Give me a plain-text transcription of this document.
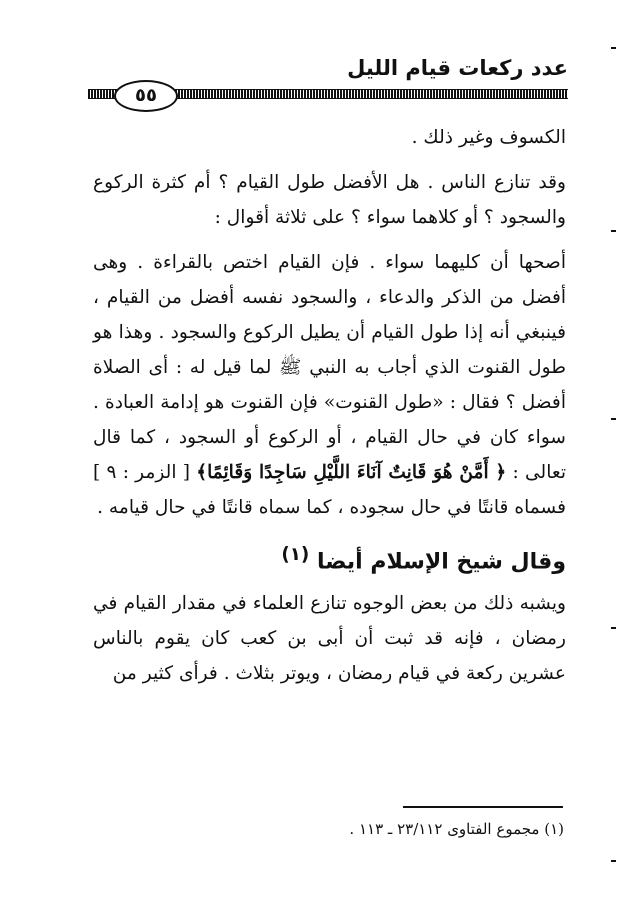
عدد ركعات قيام الليل
٥٥

الكسوف وغير ذلك .

وقد تنازع الناس . هل الأفضل طول القيام ؟ أم كثرة الركوع والسجود ؟ أو كلاهما سواء ؟ على ثلاثة أقوال :

أصحها أن كليهما سواء . فإن القيام اختص بالقراءة . وهى أفضل من الذكر والدعاء ، والسجود نفسه أفضل من القيام ، فينبغي أنه إذا طول القيام أن يطيل الركوع والسجود . وهذا هو طول القنوت الذي أجاب به النبي ﷺ لما قيل له : أى الصلاة أفضل ؟ فقال : «طول القنوت» فإن القنوت هو إدامة العبادة . سواء كان في حال القيام ، أو الركوع أو السجود ، كما قال تعالى : ﴿ أَمَّنْ هُوَ قَانِتٌ آنَاءَ اللَّيْلِ سَاجِدًا وَقَائِمًا﴾ [ الزمر : ٩ ] فسماه قانتًا في حال سجوده ، كما سماه قانتًا في حال قيامه .

وقال شيخ الإسلام أيضا $^{(١)}$

ويشبه ذلك من بعض الوجوه تنازع العلماء في مقدار القيام في رمضان ، فإنه قد ثبت أن أبى بن كعب كان يقوم بالناس عشرين ركعة في قيام رمضان ، ويوتر بثلاث . فرأى كثير من

(١) مجموع الفتاوى ٢٣/١١٢ ـ ١١٣ .
